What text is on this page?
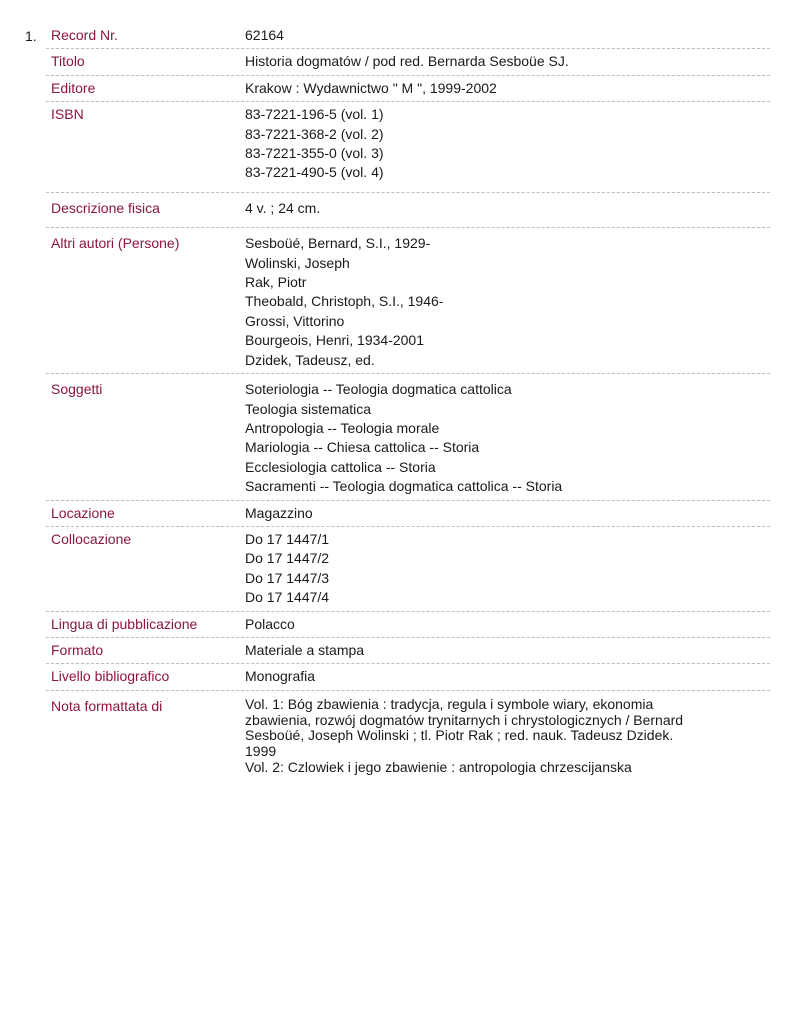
1.	Record Nr.	62164
Titolo	Historia dogmatów / pod red. Bernarda Sesboüe SJ.
Editore	Krakow : Wydawnictwo " M ", 1999-2002
ISBN	83-7221-196-5 (vol. 1)
83-7221-368-2 (vol. 2)
83-7221-355-0 (vol. 3)
83-7221-490-5 (vol. 4)
Descrizione fisica	4 v. ; 24 cm.
Altri autori (Persone)	Sesboüé, Bernard, S.I., 1929-
Wolinski, Joseph
Rak, Piotr
Theobald, Christoph, S.I., 1946-
Grossi, Vittorino
Bourgeois, Henri, 1934-2001
Dzidek, Tadeusz, ed.
Soggetti	Soteriologia -- Teologia dogmatica cattolica
Teologia sistematica
Antropologia -- Teologia morale
Mariologia -- Chiesa cattolica -- Storia
Ecclesiologia cattolica -- Storia
Sacramenti -- Teologia dogmatica cattolica -- Storia
Locazione	Magazzino
Collocazione	Do 17 1447/1
Do 17 1447/2
Do 17 1447/3
Do 17 1447/4
Lingua di pubblicazione	Polacco
Formato	Materiale a stampa
Livello bibliografico	Monografia
Nota formattata di	Vol. 1: Bóg zbawienia : tradycja, regula i symbole wiary, ekonomia
zbawienia, rozwój dogmatów trynitarnych i chrystologicznych / Bernard
Sesboüé, Joseph Wolinski ; tl. Piotr Rak ; red. nauk. Tadeusz Dzidek.
1999
Vol. 2: Czlowiek i jego zbawienie : antropologia chrzescijanska
